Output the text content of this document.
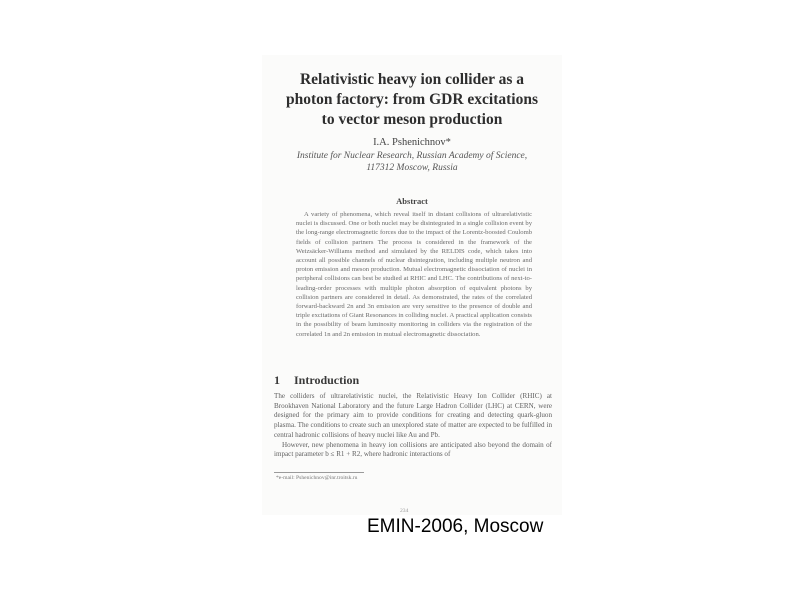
Relativistic heavy ion collider as a
photon factory: from GDR excitations
to vector meson production
I.A. Pshenichnov*
Institute for Nuclear Research, Russian Academy of Science,
117312 Moscow, Russia
Abstract
A variety of phenomena, which reveal itself in distant collisions of ultrarelativistic nuclei is discussed. One or both nuclei may be disintegrated in a single collision event by the long-range electromagnetic forces due to the impact of the Lorentz-boosted Coulomb fields of collision partners The process is considered in the framework of the Weizsäcker-Williams method and simulated by the RELDIS code, which takes into account all possible channels of nuclear disintegration, including multiple neutron and proton emission and meson production. Mutual electromagnetic dissociation of nuclei in peripheral collisions can best be studied at RHIC and LHC. The contributions of next-to-leading-order processes with multiple photon absorption of equivalent photons by collision partners are considered in detail. As demonstrated, the rates of the correlated forward-backward 2n and 3n emission are very sensitive to the presence of double and triple excitations of Giant Resonances in colliding nuclei. A practical application consists in the possibility of beam luminosity monitoring in colliders via the registration of the correlated 1n and 2n emission in mutual electromagnetic dissociation.
1 Introduction

The colliders of ultrarelativistic nuclei, the Relativistic Heavy Ion Collider (RHIC) at Brookhaven National Laboratory and the future Large Hadron Collider (LHC) at CERN, were designed for the primary aim to provide conditions for creating and detecting quark-gluon plasma. The conditions to create such an unexplored state of matter are expected to be fulfilled in central hadronic collisions of heavy nuclei like Au and Pb.

However, new phenomena in heavy ion collisions are anticipated also beyond the domain of impact parameter b ≤ R1 + R2, where hadronic interactions of

*e-mail: Pshenichnov@inr.troitsk.ru
234
EMIN-2006, Moscow
